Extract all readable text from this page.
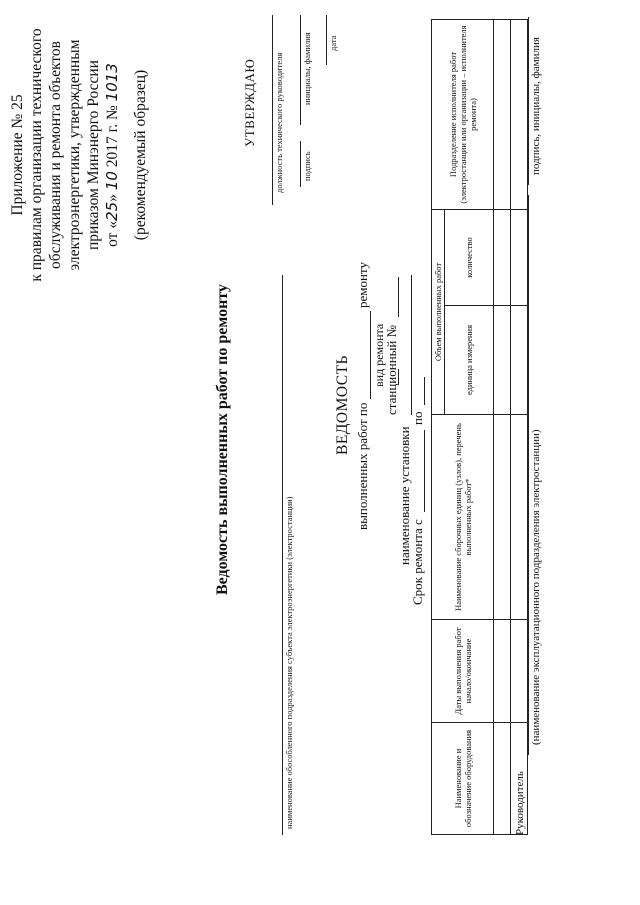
Приложение № 25 к правилам организации технического обслуживания и ремонта объектов электроэнергетики, утвержденным приказом Минэнерго России от «25» 10 2017 г. № 1013 (рекомендуемый образец)	УТВЕРЖДАЮ должность технического руководителя подпись
инициалы, фамилия дата
Ведомость выполненных работ по ремонту
наименование обособленного подразделения субъекта электроэнергетики (электростанции)
ВЕДОМОСТЬ выполненных работ по
ремонту
вид ремонта
станционный №
наименование установки
Срок ремонта с
по
Наименование и обозначение оборудования	Даты выполнения работ начало/окончание	Наименование сборочных единиц (узлов), перечень выполненных работ*	Объем выполненных работ		Подразделение исполнителя работ (электростанции или организации – исполнителя ремонта)
			единица измерения	количество	

Руководитель
(наименование эксплуатационного подразделения электростанции)
подпись, инициалы, фамилия
